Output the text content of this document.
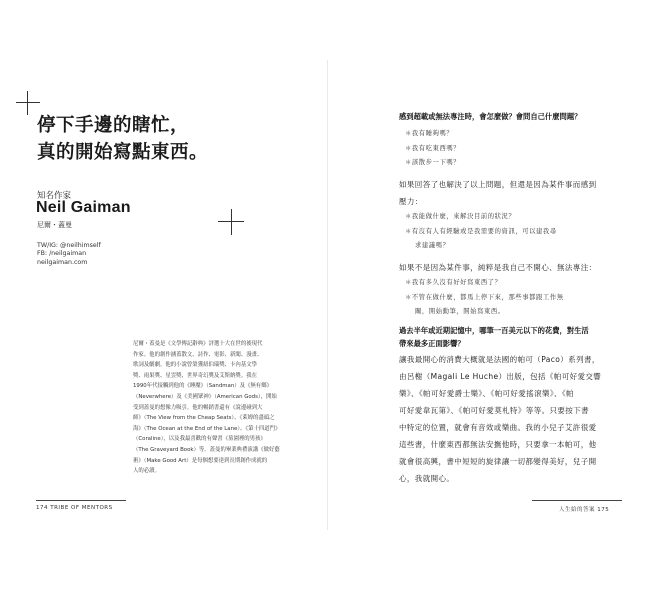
停下手邊的瞎忙，
真的開始寫點東西。
知名作家
Neil Gaiman
尼爾・蓋曼
TW/IG: @neilhimself
FB: /neilgaiman
neilgaiman.com
尼爾・蓋曼是《文學傳記辭典》評選十大在世的後現代
作家。他的創作涵蓋散文、詩作、電影、新聞、漫畫、
歌詞及劇劇。他的小說曾榮獲紐伯瑞獎、卡內基文學
獎、雨果獎、星雲獎、世界奇幻獎及艾斯納獎。我在
1990年代接觸到他的《睡魔》（Sandman）及《無有鄉》
（Neverwhere）及《美國眾神》（American Gods），開始
受到蓋曼的想像力吸引。他的暢銷書還有《說邊碰到大
師》（The View from the Cheap Seats）、《萊姆的盡頭之
海》（The Ocean at the End of the Lane）、《第十四道門》
（Coraline），以及我最喜歡的有聲書《墓園裡的男孩》
（The Graveyard Book）等。蓋曼的畢業典禮演講《做好藝
術》（Make Good Art）是每個想要達到長期創作成就的
人的必讀。
174 TRIBE OF MENTORS
感到超載或無法專注時，會怎麼做？會問自己什麼問題？
＊我有睡夠嗎？
＊我有吃東西嗎？
＊該散步一下嗎？
如果回答了也解決了以上問題，但還是因為某件事而感到
壓力：
＊我能做什麼，來解決目前的狀況？
＊有沒有人有經驗或是我需要的資訊，可以建我尋
求建議嗎？
如果不是因為某件事，純粹是我自己不開心、無法專注：
＊我有多久沒有好好寫東西了？
＊不管在做什麼，都馬上停下來，那些事都跟工作無
關，開始動筆，開始寫東西。
過去半年或近期記憶中，哪筆一百美元以下的花費，對生活
帶來最多正面影響？
讓我最開心的消費大概就是法國的帕可（Paco）系列書，
由呂榭（Magali Le Huche）出版，包括《帕可好愛交響
樂》、《帕可好愛爵士樂》、《帕可好愛搖滾樂》、《帕
可好愛韋瓦第》、《帕可好愛莫札特》等等。只要按下書
中特定的位置，就會有音效或樂曲。我的小兒子艾許很愛
這些書，什麼東西都無法安撫他時，只要拿一本帕可，他
就會很高興，書中短短的旋律讓一切都變得美好，兒子開
心，我就開心。
人生給的答案 175
